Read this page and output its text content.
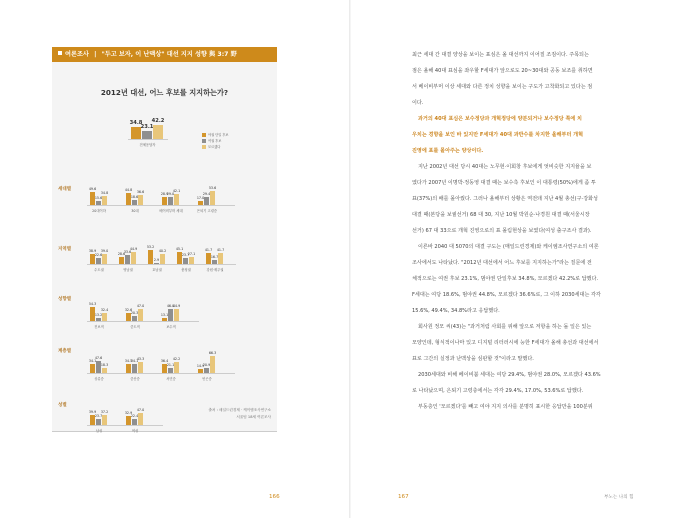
여론조사 | "두고 보자, 이 난맥상" 대선 지지 성향 與 3:7 野
2012년 대선, 어느 후보를 지지하는가?
34.8
23.1
42.2
전체응답자
세대별	49.6
15.6
34.8
20대이하
44.8
18.6
36.6
30대
28.9
29.0
42.1
베이비부머 세대
17.0
29.4
53.6
은퇴기 고령층
지역별	38.9
22.6
39.0
수도권
28.6
33.6
44.9
영남권
53.2
2.9
40.2
호남권
45.1
23.7
27.1
충청권
41.7
16.7
41.7
강원·제주권
성향별
54.3
13.2
32.4
진보적
32.6
20.3
47.0
중도적
13.1
46.0
44.9
보수적
계층별
34.1
47.6
18.3
상류층
34.5
34.1
43.3
중산층
36.4
21.1
42.2
서민층
14.9
20.9
66.3
빈곤층
성별
39.9
23.7
37.2
남성
32.9
22.4
47.0
여성
야권 단일 후보
여권 후보
모르겠다
출처 : 매일드린경제 · 케이엠조사연구소
서울팀 18세 여론조사
166	167	부노는 나의 힘

최근 세대 간 대결 양상을 보이는 표심은 올 대선까지 이어질 조짐이다. 주목되는

점은 올해 40대 표심을 좌우할 F세대가 앞으로도 20~30대와 공동 보조를 취하면

서 베이비부머 이상 세대와 다른 정치 성향을 보이는 구도가 고착화되고 있다는 점

이다.

과거의 40대 표심은 보수정당과 개혁정당에 양분되거나 보수정당 쪽에 치

우치는 경향을 보인 바 있지만 F세대가 40대 과반수를 차지한 올해부터 개혁

진영에 표를 몰아주는 양상이다.

지난 2002년 대선 당시 40대는 노무현·이회창 후보에게 엇비슷한 지지율을 보

였다가 2007년 이명박·정동영 대결 때는 보수측 후보인 이 대통령(50%)에게 좀 투

표(37%)의 배를 몰아줬다. 그러나 올해부터 상황은 역전돼 지난 4월 총선(구·강화성

대결 때(본당을 보궐선거) 68 대 30, 지난 10월 박원순·나경원 대결 때(서울시장

선거) 67 대 33으로 개혁 진영으로의 표 몰림현상을 보였다(여성 출구조사 결과).

이른바 2040 대 5070의 대결 구도는 (매일드린경제)와 케이엠조사연구소의 여론

조사에서도 나타났다. "2012년 대선에서 어느 후보를 지지하는가"라는 질문에 전

체적으로는 여권 후보 23.1%, 범야권 단일후보 34.8%, 모르겠다 42.2%로 답했다.

F세대는 여당 18.6%, 범야권 44.8%, 모르겠다 36.6%로, 그 이하 2030세대는 각각

15.6%, 49.4%, 34.8%라고 응답했다.

회사원 정모 씨(43)는 "과거처럼 사회를 위해 앞으로 저항을 하는 돌 일은 있는

모양인데, 형식적이나마 있고 디지털 리터러시에 능한 F세대가 올해 총선과 대선에서

표로 그간의 실정과 난맥상을 심판할 것"이라고 말했다.

2030세대와 비해 베이비붐 세대는 여당 29.4%, 범야권 28.0%, 모르겠다 43.6%

로 나타났으며, 은퇴기 고령층에서는 각각 29.4%, 17.0%, 53.6%로 답했다.

부동층인 '모르겠다'를 빼고 여야 지지 의사를 분명히 표시한 응답만을 100분위
